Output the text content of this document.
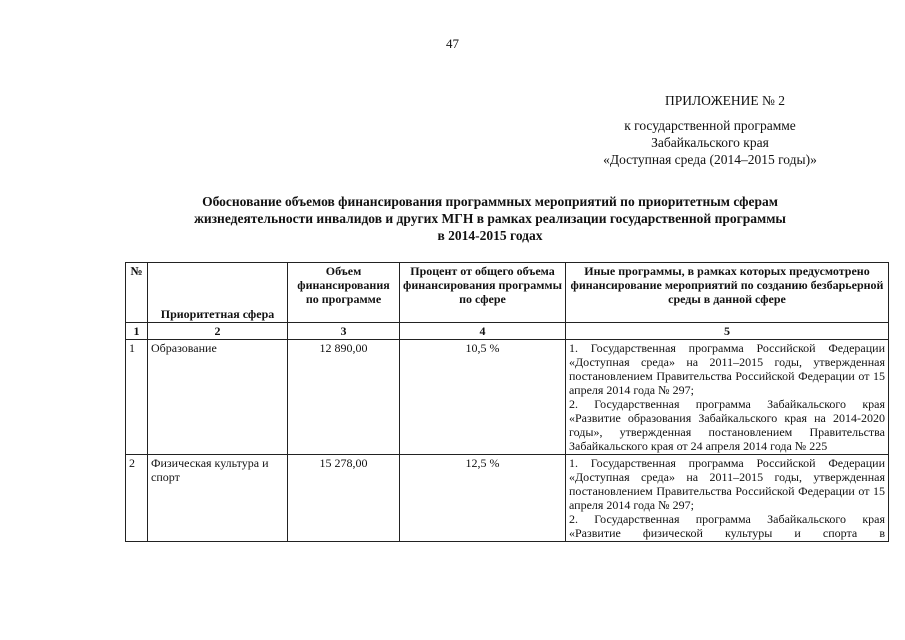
47
ПРИЛОЖЕНИЕ № 2
к государственной программе
Забайкальского края
«Доступная среда (2014–2015 годы)»
Обоснование объемов финансирования программных мероприятий по приоритетным сферам
жизнедеятельности инвалидов и других МГН в рамках реализации государственной программы
в 2014-2015 годах
№	Приоритетная сфера	Объем финансирования по программе	Процент от общего объема финансирования программы по сфере	Иные программы, в рамках которых предусмотрено финансирование мероприятий по созданию безбарьерной среды в данной сфере
1	2	3	4	5
1	Образование	12 890,00	10,5 %	1. Государственная программа Российской Федерации «Доступная среда» на 2011–2015 годы, утвержденная постановлением Правительства Российской Федерации от 15 апреля 2014 года № 297;
2. Государственная программа Забайкальского края «Развитие образования Забайкальского края на 2014-2020 годы», утвержденная постановлением Правительства Забайкальского края от 24 апреля 2014 года № 225

2	Физическая культура и спорт	15 278,00	12,5 %	1. Государственная программа Российской Федерации «Доступная среда» на 2011–2015 годы, утвержденная постановлением Правительства Российской Федерации от 15 апреля 2014 года № 297;
2. Государственная программа Забайкальского края «Развитие физической культуры и спорта в
